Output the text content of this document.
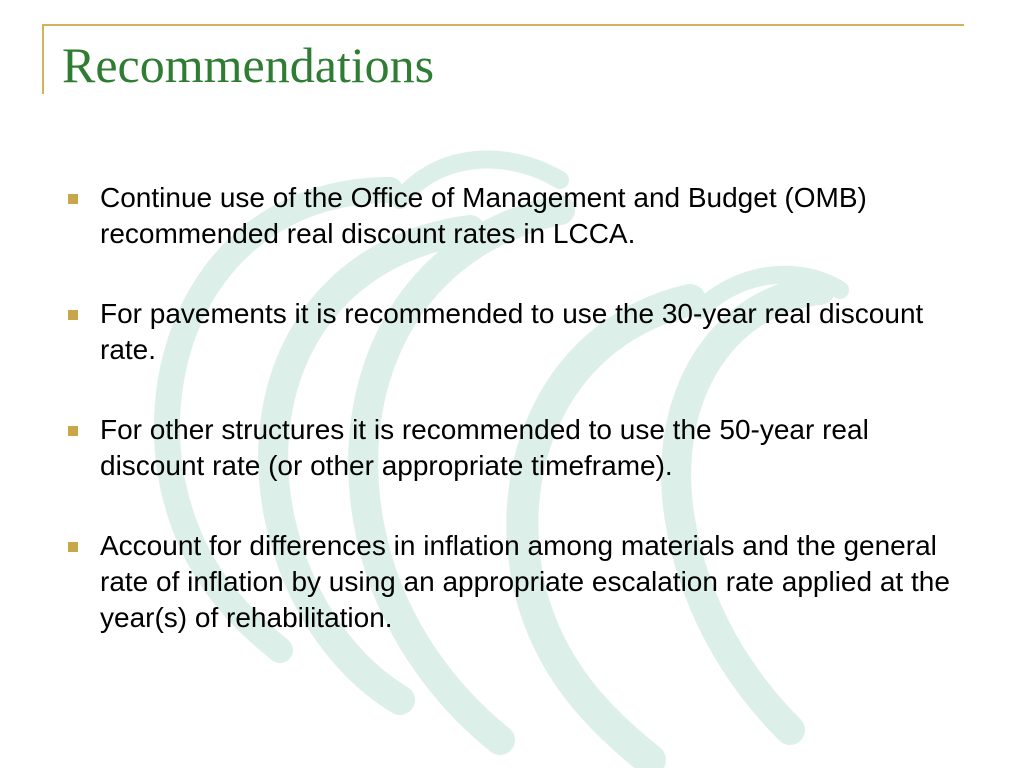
Recommendations
Continue use of the Office of Management and Budget (OMB) recommended real discount rates in LCCA.
For pavements it is recommended to use the 30-year real discount rate.
For other structures it is recommended to use the 50-year real discount rate (or other appropriate timeframe).
Account for differences in inflation among materials and the general rate of inflation by using an appropriate escalation rate applied at the year(s) of rehabilitation.
